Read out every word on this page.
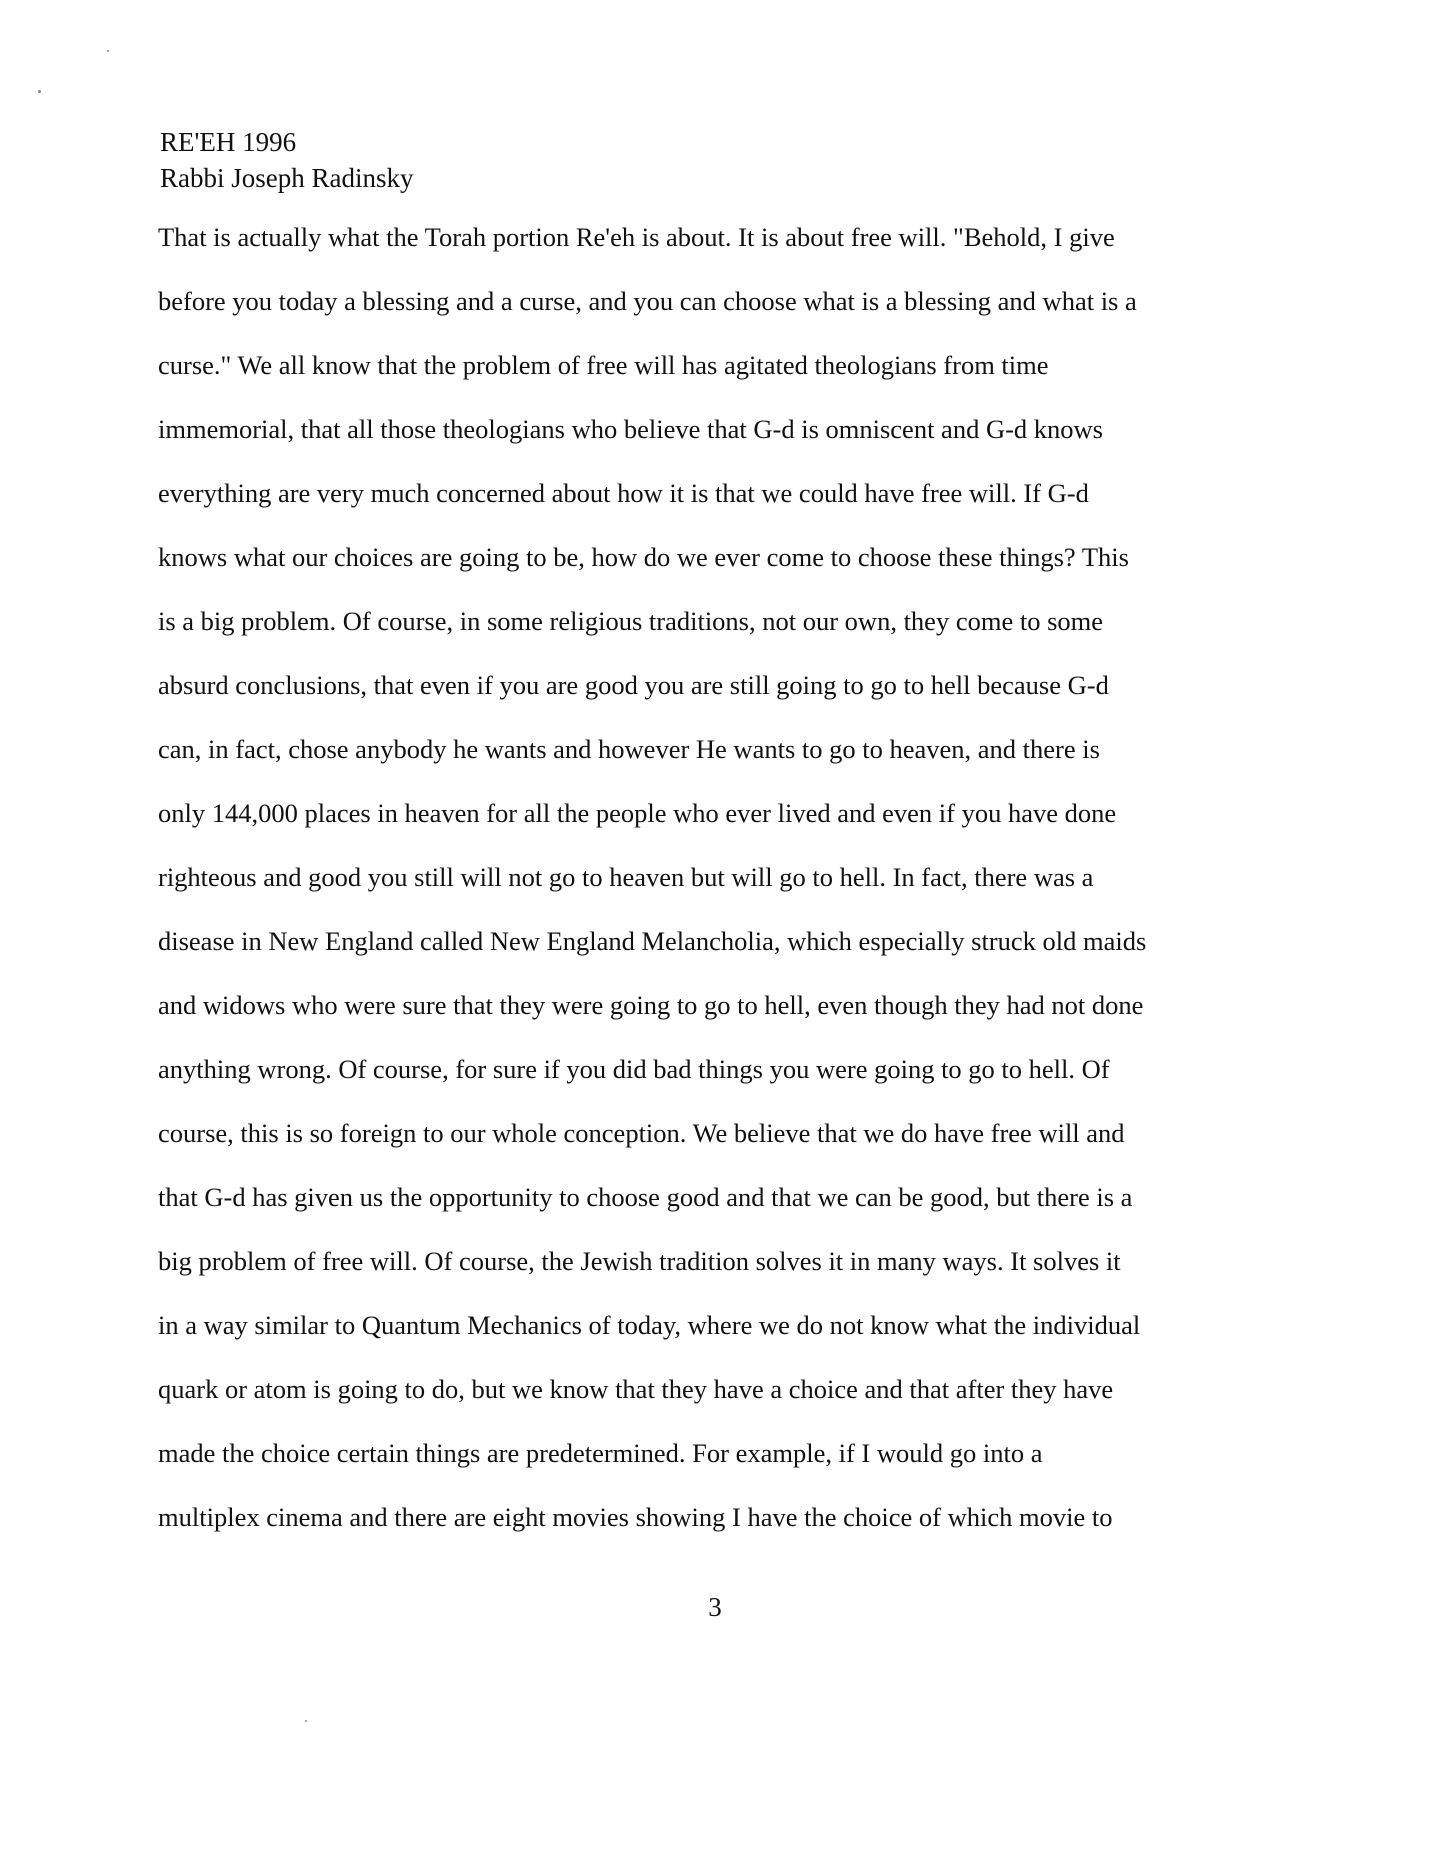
RE'EH 1996
Rabbi Joseph Radinsky
That is actually what the Torah portion Re'eh is about. It is about free will. "Behold, I give
before you today a blessing and a curse, and you can choose what is a blessing and what is a
curse." We all know that the problem of free will has agitated theologians from time
immemorial, that all those theologians who believe that G-d is omniscent and G-d knows
everything are very much concerned about how it is that we could have free will. If G-d
knows what our choices are going to be, how do we ever come to choose these things? This
is a big problem. Of course, in some religious traditions, not our own, they come to some
absurd conclusions, that even if you are good you are still going to go to hell because G-d
can, in fact, chose anybody he wants and however He wants to go to heaven, and there is
only 144,000 places in heaven for all the people who ever lived and even if you have done
righteous and good you still will not go to heaven but will go to hell. In fact, there was a
disease in New England called New England Melancholia, which especially struck old maids
and widows who were sure that they were going to go to hell, even though they had not done
anything wrong. Of course, for sure if you did bad things you were going to go to hell. Of
course, this is so foreign to our whole conception. We believe that we do have free will and
that G-d has given us the opportunity to choose good and that we can be good, but there is a
big problem of free will. Of course, the Jewish tradition solves it in many ways. It solves it
in a way similar to Quantum Mechanics of today, where we do not know what the individual
quark or atom is going to do, but we know that they have a choice and that after they have
made the choice certain things are predetermined. For example, if I would go into a
multiplex cinema and there are eight movies showing I have the choice of which movie to
3
